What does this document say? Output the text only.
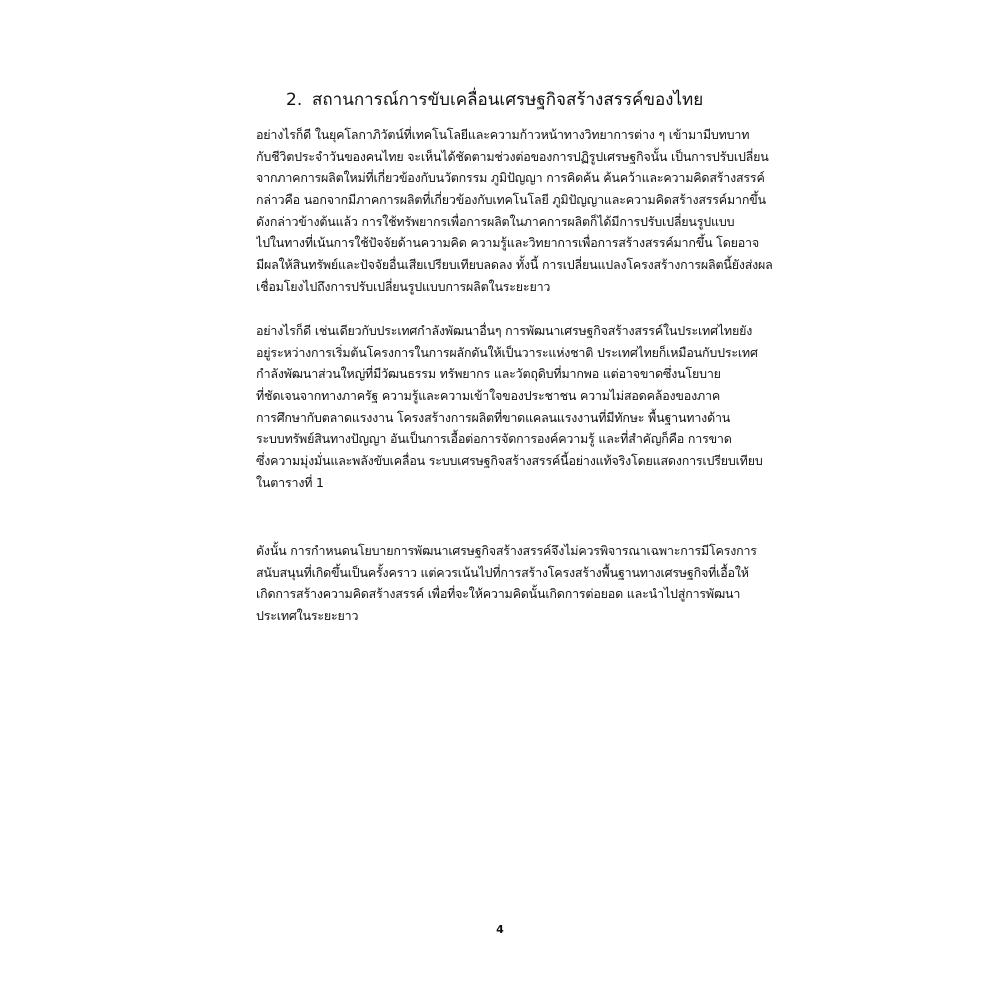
2. สถานการณ์การขับเคลื่อนเศรษฐกิจสร้างสรรค์ของไทย
อย่างไรก็ดี ในยุคโลกาภิวัตน์ที่เทคโนโลยีและความก้าวหน้าทางวิทยาการต่าง ๆ เข้ามามีบทบาท
กับชีวิตประจำวันของคนไทย จะเห็นได้ชัดตามช่วงต่อของการปฏิรูปเศรษฐกิจนั้น เป็นการปรับเปลี่ยน
จากภาคการผลิตใหม่ที่เกี่ยวข้องกับนวัตกรรม ภูมิปัญญา การคิดค้น ค้นคว้าและความคิดสร้างสรรค์
กล่าวคือ นอกจากมีภาคการผลิตที่เกี่ยวข้องกับเทคโนโลยี ภูมิปัญญาและความคิดสร้างสรรค์มากขึ้น
ดังกล่าวข้างต้นแล้ว การใช้ทรัพยากรเพื่อการผลิตในภาคการผลิตก็ได้มีการปรับเปลี่ยนรูปแบบ
ไปในทางที่เน้นการใช้ปัจจัยด้านความคิด ความรู้และวิทยาการเพื่อการสร้างสรรค์มากขึ้น โดยอาจ
มีผลให้สินทรัพย์และปัจจัยอื่นเสียเปรียบเทียบลดลง ทั้งนี้ การเปลี่ยนแปลงโครงสร้างการผลิตนี้ยังส่งผล
เชื่อมโยงไปถึงการปรับเปลี่ยนรูปแบบการผลิตในระยะยาว
อย่างไรก็ดี เช่นเดียวกับประเทศกำลังพัฒนาอื่นๆ การพัฒนาเศรษฐกิจสร้างสรรค์ในประเทศไทยยัง
อยู่ระหว่างการเริ่มต้นโครงการในการผลักดันให้เป็นวาระแห่งชาติ ประเทศไทยก็เหมือนกับประเทศ
กำลังพัฒนาส่วนใหญ่ที่มีวัฒนธรรม ทรัพยากร และวัตถุดิบที่มากพอ แต่อาจขาดซึ่งนโยบาย
ที่ชัดเจนจากทางภาครัฐ ความรู้และความเข้าใจของประชาชน ความไม่สอดคล้องของภาค
การศึกษากับตลาดแรงงาน โครงสร้างการผลิตที่ขาดแคลนแรงงานที่มีทักษะ พื้นฐานทางด้าน
ระบบทรัพย์สินทางปัญญา อันเป็นการเอื้อต่อการจัดการองค์ความรู้ และที่สำคัญก็คือ การขาด
ซึ่งความมุ่งมั่นและพลังขับเคลื่อน ระบบเศรษฐกิจสร้างสรรค์นี้อย่างแท้จริงโดยแสดงการเปรียบเทียบ
ในตารางที่ 1
ดังนั้น การกำหนดนโยบายการพัฒนาเศรษฐกิจสร้างสรรค์จึงไม่ควรพิจารณาเฉพาะการมีโครงการ
สนับสนุนที่เกิดขึ้นเป็นครั้งคราว แต่ควรเน้นไปที่การสร้างโครงสร้างพื้นฐานทางเศรษฐกิจที่เอื้อให้
เกิดการสร้างความคิดสร้างสรรค์ เพื่อที่จะให้ความคิดนั้นเกิดการต่อยอด และนำไปสู่การพัฒนา
ประเทศในระยะยาว
4
